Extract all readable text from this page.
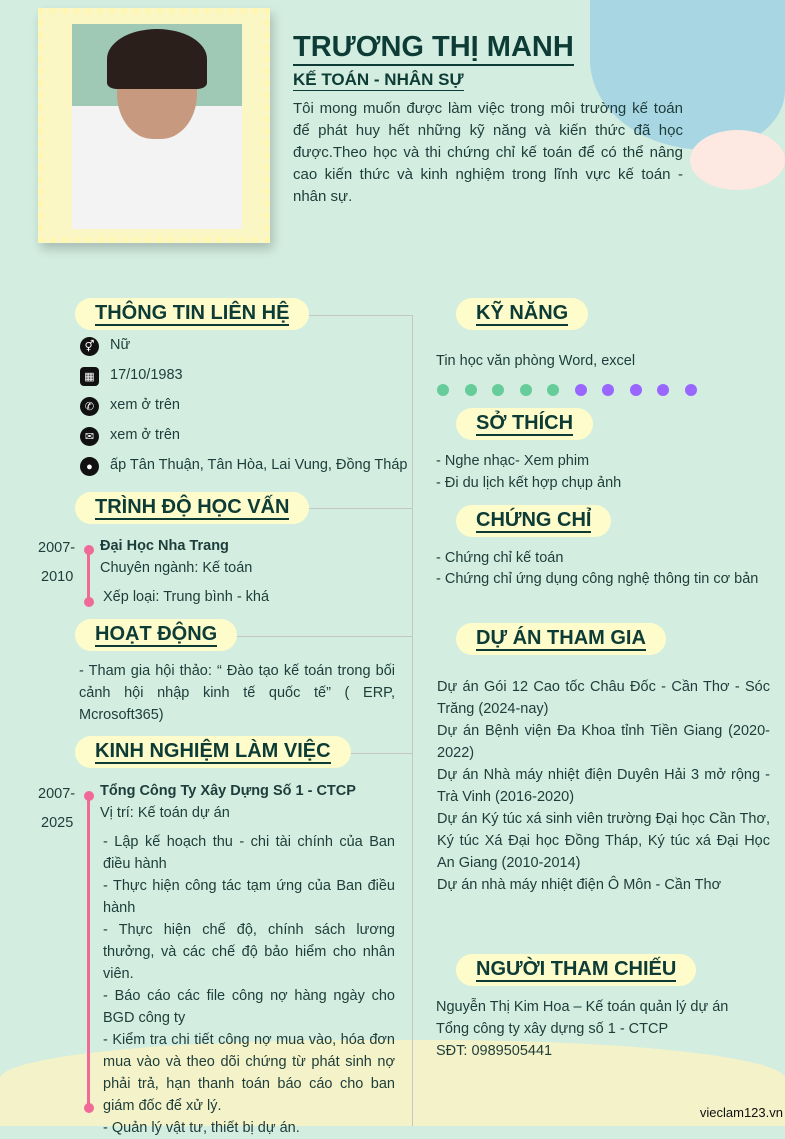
TRƯƠNG THỊ MANH
KẾ TOÁN - NHÂN SỰ
Tôi mong muốn được làm việc trong môi trường kế toán để phát huy hết những kỹ năng và kiến thức đã học được.Theo học và thi chứng chỉ kế toán để có thể nâng cao kiến thức và kinh nghiệm trong lĩnh vực kế toán - nhân sự.
THÔNG TIN LIÊN HỆ
⚥	Nữ
▦ 17/10/1983
✆	xem ở trên
✉	xem ở trên
●	ấp Tân Thuận, Tân Hòa, Lai Vung, Đồng Tháp
TRÌNH ĐỘ HỌC VẤN
2007-
2010
Đại Học Nha Trang
Chuyên ngành: Kế toán
Xếp loại: Trung bình - khá
HOẠT ĐỘNG
- Tham gia hội thảo: “ Đào tạo kế toán trong bối cảnh hội nhập kinh tế quốc tế” ( ERP, Mcrosoft365)
KINH NGHIỆM LÀM VIỆC
2007-
2025
Tổng Công Ty Xây Dựng Số 1 - CTCP
Vị trí: Kế toán dự án
- Lập kế hoạch thu - chi tài chính của Ban điều hành
- Thực hiện công tác tạm ứng của Ban điều hành
- Thực hiện chế độ, chính sách lương thưởng, và các chế độ bảo hiểm cho nhân viên.
- Báo cáo các file công nợ hàng ngày cho BGD công ty
- Kiểm tra chi tiết công nợ mua vào, hóa đơn mua vào và theo dõi chứng từ phát sinh nợ phải trả, hạn thanh toán báo cáo cho ban giám đốc để xử lý.
- Quản lý vật tư, thiết bị dự án.
KỸ NĂNG
Tin học văn phòng Word, excel
SỞ THÍCH
- Nghe nhạc- Xem phim
- Đi du lịch kết hợp chụp ảnh
CHỨNG CHỈ
- Chứng chỉ kế toán
- Chứng chỉ ứng dụng công nghệ thông tin cơ bản
DỰ ÁN THAM GIA
Dự án Gói 12 Cao tốc Châu Đốc - Cần Thơ - Sóc Trăng (2024-nay)
Dự án Bệnh viện Đa Khoa tỉnh Tiền Giang (2020-2022)
Dự án Nhà máy nhiệt điện Duyên Hải 3 mở rộng - Trà Vinh (2016-2020)
Dự án Ký túc xá sinh viên trường Đại học Cần Thơ, Ký túc Xá Đại học Đồng Tháp, Ký túc xá Đại Học An Giang (2010-2014)
Dự án nhà máy nhiệt điện Ô Môn - Cần Thơ
NGƯỜI THAM CHIẾU
Nguyễn Thị Kim Hoa – Kế toán quản lý dự án
Tổng công ty xây dựng số 1 - CTCP
SĐT: 0989505441
vieclam123.vn
